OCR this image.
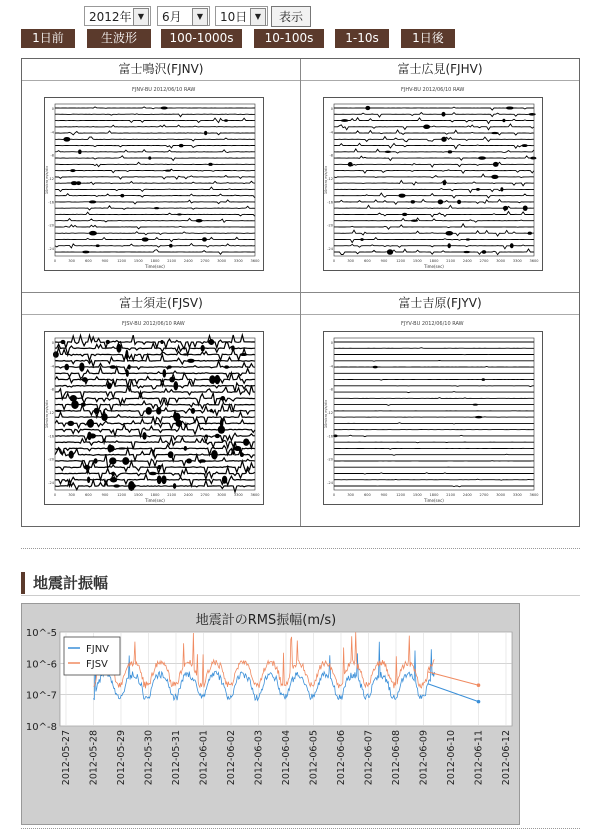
2012年 ▼	6月	▼	10日 ▼	表示
1日前	生波形	100-1000s	10-100s	1-10s	1日後
富士鳴沢(FJNV)
0	300	600	900	1200 1500 1800 2100 2400 2700 3000 3300 3600
Time(sec)
0
-4
-8
-12
-16
-20
-24
10micro m/s/div
FJNV-BU 2012/06/10 RAW
富士広見(FJHV)
0	300	600	900	1200 1500 1800 2100 2400 2700 3000 3300 3600
Time(sec)
0
-4
-8
-12
-16
-20
-24
10micro m/s/div
FJHV-BU 2012/06/10 RAW
富士須走(FJSV)
0	300	600	900	1200 1500 1800 2100 2400 2700 3000 3300 3600
Time(sec)
0
-4
-8
-12
-16
-20
-24
10micro m/s/div
FJSV-BU 2012/06/10 RAW
富士吉原(FJYV)
0	300	600	900	1200 1500 1800 2100 2400 2700 3000 3300 3600
Time(sec)
0
-4
-8
-12
-16
-20
-24
10micro m/s/div
FJYV-BU 2012/06/10 RAW
地震計振幅
地震計のRMS振幅(m/s)
10^-5
10^-6
10^-7
10^-8
2012-05-27 2012-05-28 2012-05-29 2012-05-30 2012-05-31 2012-06-01 2012-06-02 2012-06-03 2012-06-04 2012-06-05 2012-06-06 2012-06-07 2012-06-08 2012-06-09 2012-06-10 2012-06-11 2012-06-12
FJNV
FJSV
